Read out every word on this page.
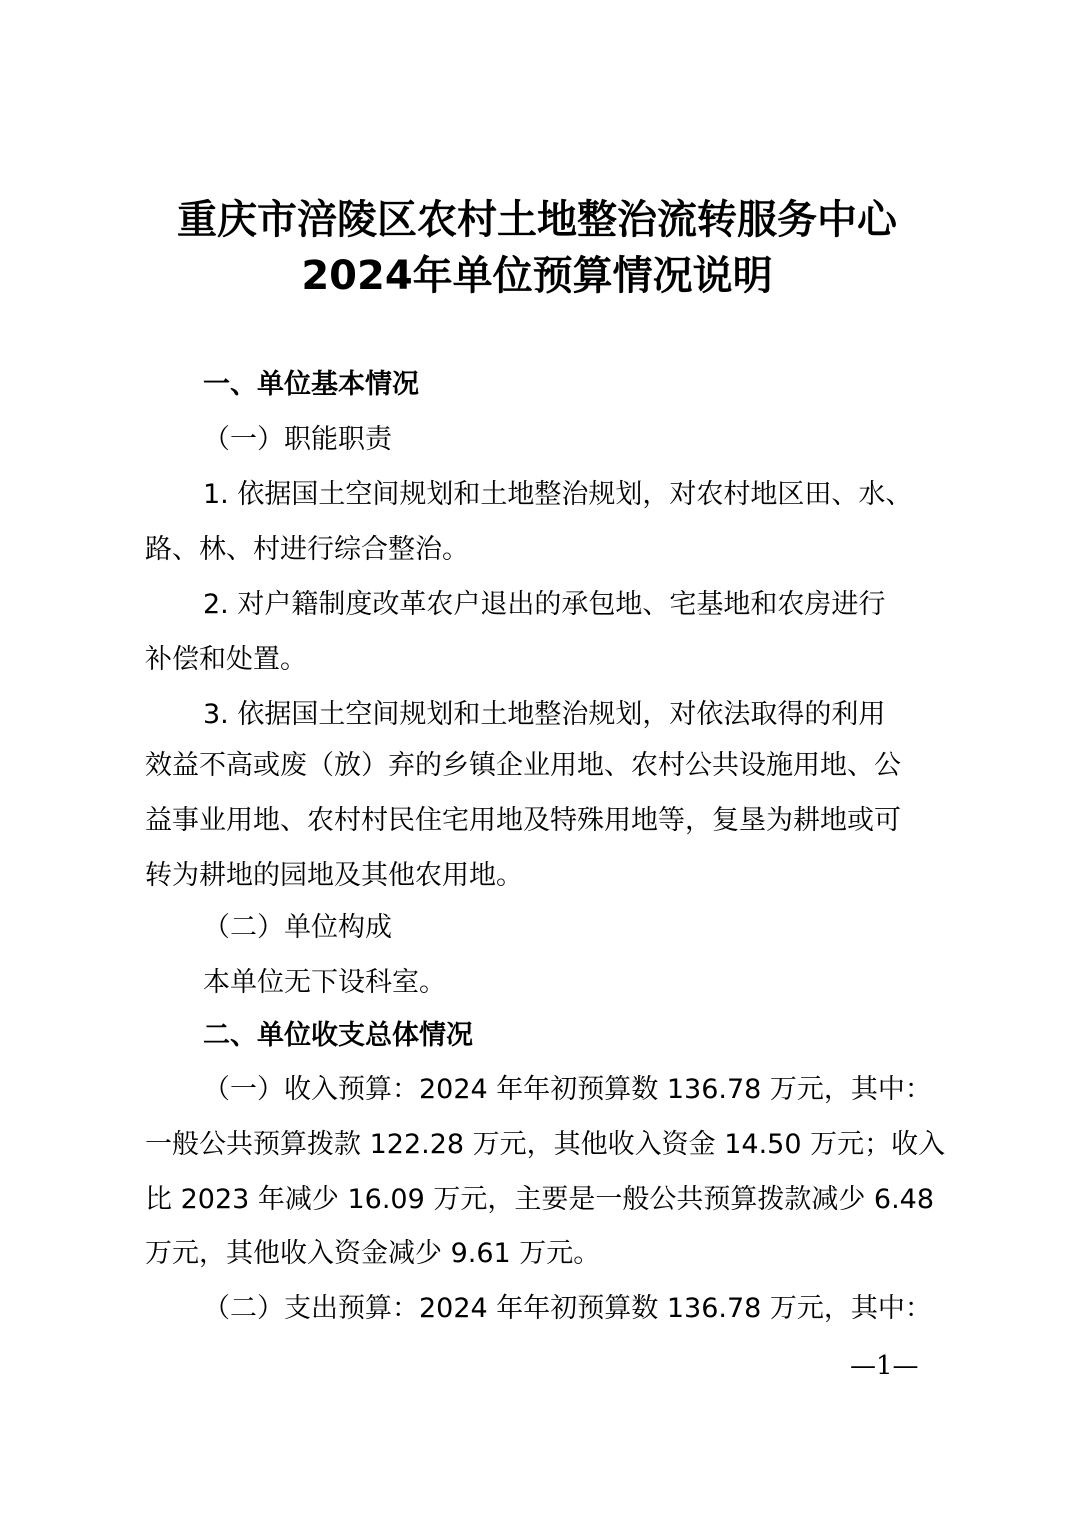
重庆市涪陵区农村土地整治流转服务中心
2024年单位预算情况说明
一、单位基本情况
（一）职能职责
1. 依据国土空间规划和土地整治规划，对农村地区田、水、
路、林、村进行综合整治。
2. 对户籍制度改革农户退出的承包地、宅基地和农房进行
补偿和处置。
3. 依据国土空间规划和土地整治规划，对依法取得的利用
效益不高或废（放）弃的乡镇企业用地、农村公共设施用地、公
益事业用地、农村村民住宅用地及特殊用地等，复垦为耕地或可
转为耕地的园地及其他农用地。
（二）单位构成
本单位无下设科室。
二、单位收支总体情况
（一）收入预算：2024 年年初预算数 136.78 万元，其中：
一般公共预算拨款 122.28 万元，其他收入资金 14.50 万元；收入
比 2023 年减少 16.09 万元，主要是一般公共预算拨款减少 6.48
万元，其他收入资金减少 9.61 万元。
（二）支出预算：2024 年年初预算数 136.78 万元，其中：
—1—
